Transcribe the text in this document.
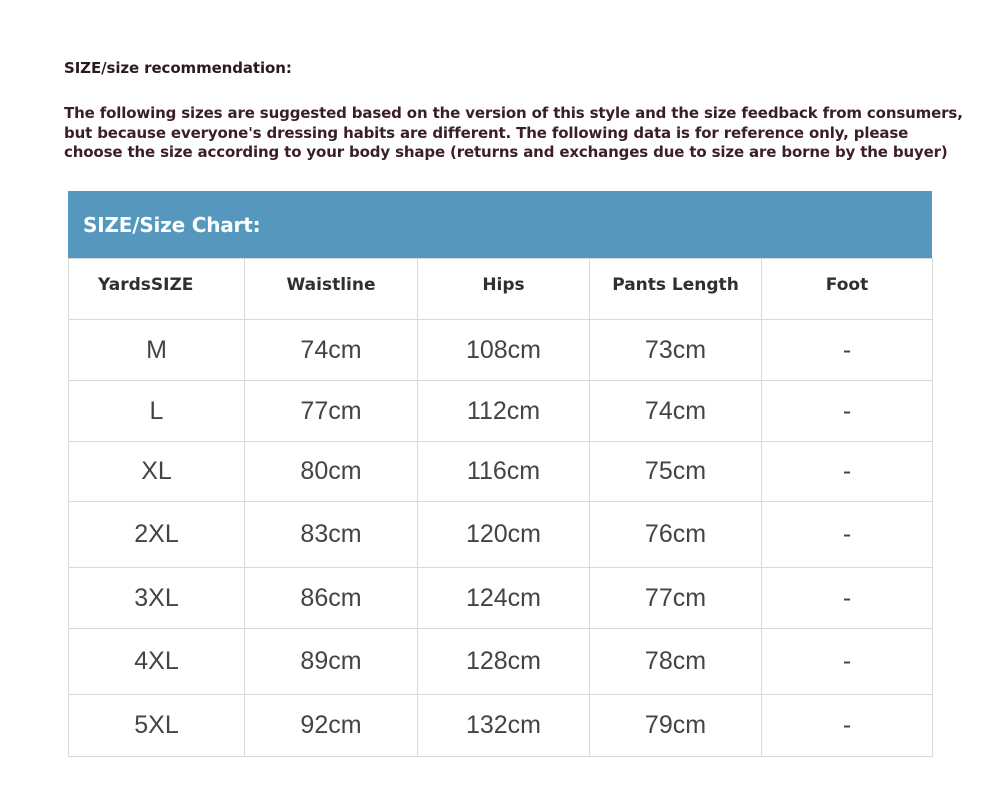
SIZE/size recommendation:
The following sizes are suggested based on the version of this style and the size feedback from consumers,
but because everyone's dressing habits are different. The following data is for reference only, please
choose the size according to your body shape (returns and exchanges due to size are borne by the buyer)
SIZE/Size Chart:
YardsSIZE	Waistline	Hips	Pants Length	Foot
M	74cm	108cm	73cm	-
L	77cm	112cm	74cm	-
XL	80cm	116cm	75cm	-
2XL	83cm	120cm	76cm	-
3XL	86cm	124cm	77cm	-
4XL	89cm	128cm	78cm	-
5XL	92cm	132cm	79cm	-
